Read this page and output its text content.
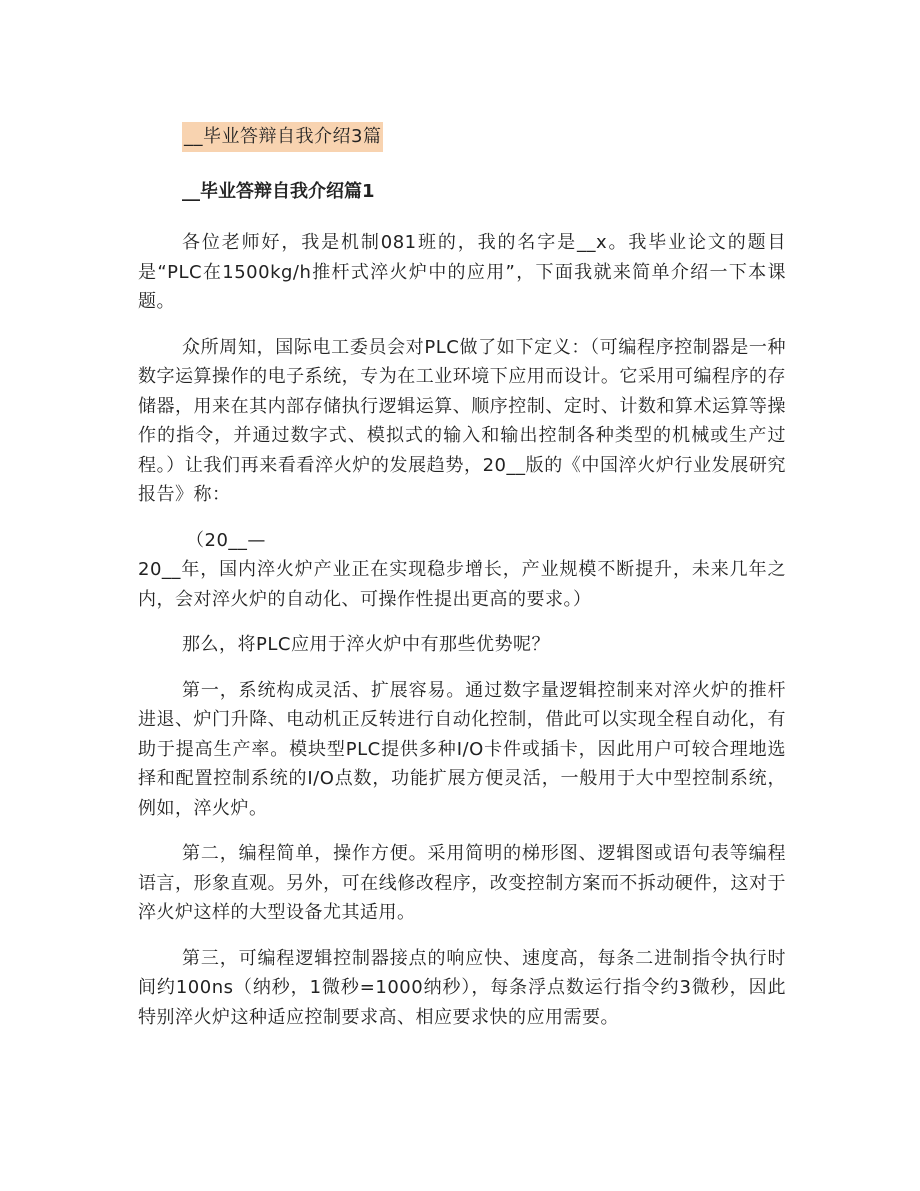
__毕业答辩自我介绍3篇
__毕业答辩自我介绍篇1

各位老师好，我是机制081班的，我的名字是__x。我毕业论文的题目是“PLC在1500kg/h推杆式淬火炉中的应用”，下面我就来简单介绍一下本课题。

众所周知，国际电工委员会对PLC做了如下定义：（可编程序控制器是一种数字运算操作的电子系统，专为在工业环境下应用而设计。它采用可编程序的存储器，用来在其内部存储执行逻辑运算、顺序控制、定时、计数和算术运算等操作的指令，并通过数字式、模拟式的输入和输出控制各种类型的机械或生产过程。）让我们再来看看淬火炉的发展趋势，20__版的《中国淬火炉行业发展研究报告》称：

（20__—
20__年，国内淬火炉产业正在实现稳步增长，产业规模不断提升，未来几年之内，会对淬火炉的自动化、可操作性提出更高的要求。）

那么，将PLC应用于淬火炉中有那些优势呢？

第一，系统构成灵活、扩展容易。通过数字量逻辑控制来对淬火炉的推杆进退、炉门升降、电动机正反转进行自动化控制，借此可以实现全程自动化，有助于提高生产率。模块型PLC提供多种I/O卡件或插卡，因此用户可较合理地选择和配置控制系统的I/O点数，功能扩展方便灵活，一般用于大中型控制系统，例如，淬火炉。

第二，编程简单，操作方便。采用简明的梯形图、逻辑图或语句表等编程语言，形象直观。另外，可在线修改程序，改变控制方案而不拆动硬件，这对于淬火炉这样的大型设备尤其适用。

第三，可编程逻辑控制器接点的响应快、速度高，每条二进制指令执行时间约100ns（纳秒，1微秒=1000纳秒），每条浮点数运行指令约3微秒，因此特别淬火炉这种适应控制要求高、相应要求快的应用需要。
